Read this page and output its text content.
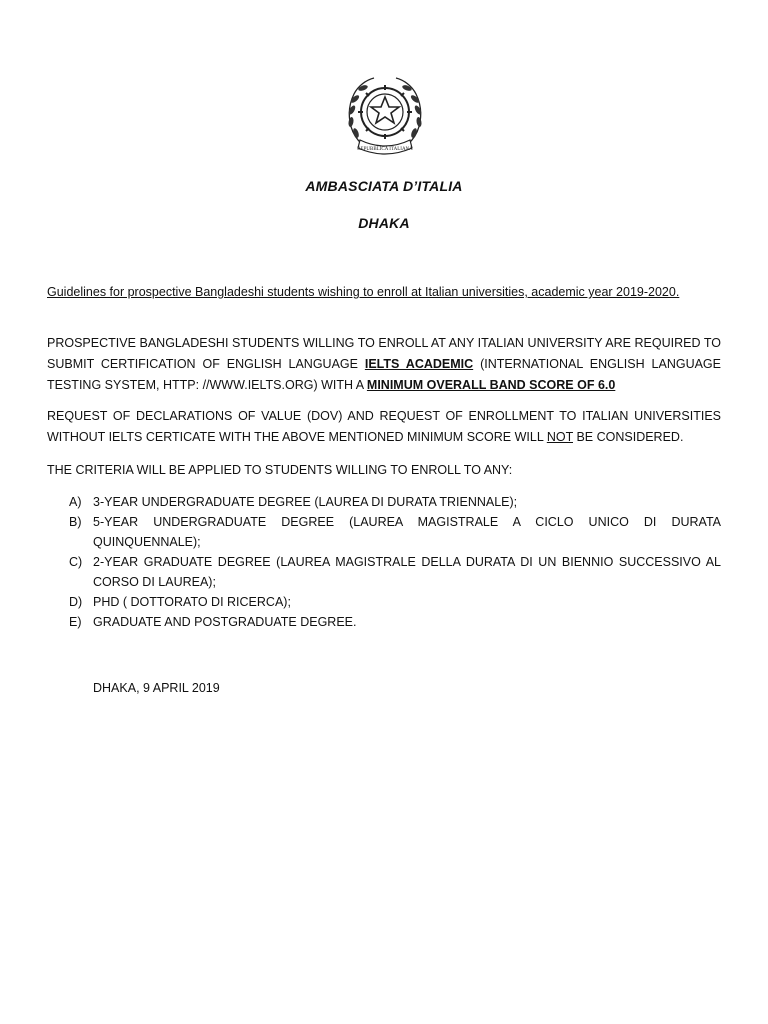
REPUBBLICA ITALIANA
AMBASCIATA D’ITALIA
DHAKA
Guidelines for prospective Bangladeshi students wishing to enroll at Italian universities, academic year 2019-2020.
PROSPECTIVE BANGLADESHI STUDENTS WILLING TO ENROLL AT ANY ITALIAN UNIVERSITY ARE REQUIRED TO SUBMIT CERTIFICATION OF ENGLISH LANGUAGE IELTS ACADEMIC (INTERNATIONAL ENGLISH LANGUAGE TESTING SYSTEM, HTTP: //WWW.IELTS.ORG) WITH A MINIMUM OVERALL BAND SCORE OF 6.0
REQUEST OF DECLARATIONS OF VALUE (DOV) AND REQUEST OF ENROLLMENT TO ITALIAN UNIVERSITIES WITHOUT IELTS CERTICATE WITH THE ABOVE MENTIONED MINIMUM SCORE WILL NOT BE CONSIDERED.
THE CRITERIA WILL BE APPLIED TO STUDENTS WILLING TO ENROLL TO ANY:
A) 3-YEAR UNDERGRADUATE DEGREE (LAUREA DI DURATA TRIENNALE);
B) 5-YEAR UNDERGRADUATE DEGREE (LAUREA MAGISTRALE A CICLO UNICO DI DURATA QUINQUENNALE);
C) 2-YEAR GRADUATE DEGREE (LAUREA MAGISTRALE DELLA DURATA DI UN BIENNIO SUCCESSIVO AL CORSO DI LAUREA);
D) PHD ( DOTTORATO DI RICERCA);
E) GRADUATE AND POSTGRADUATE DEGREE.
DHAKA, 9 APRIL 2019
